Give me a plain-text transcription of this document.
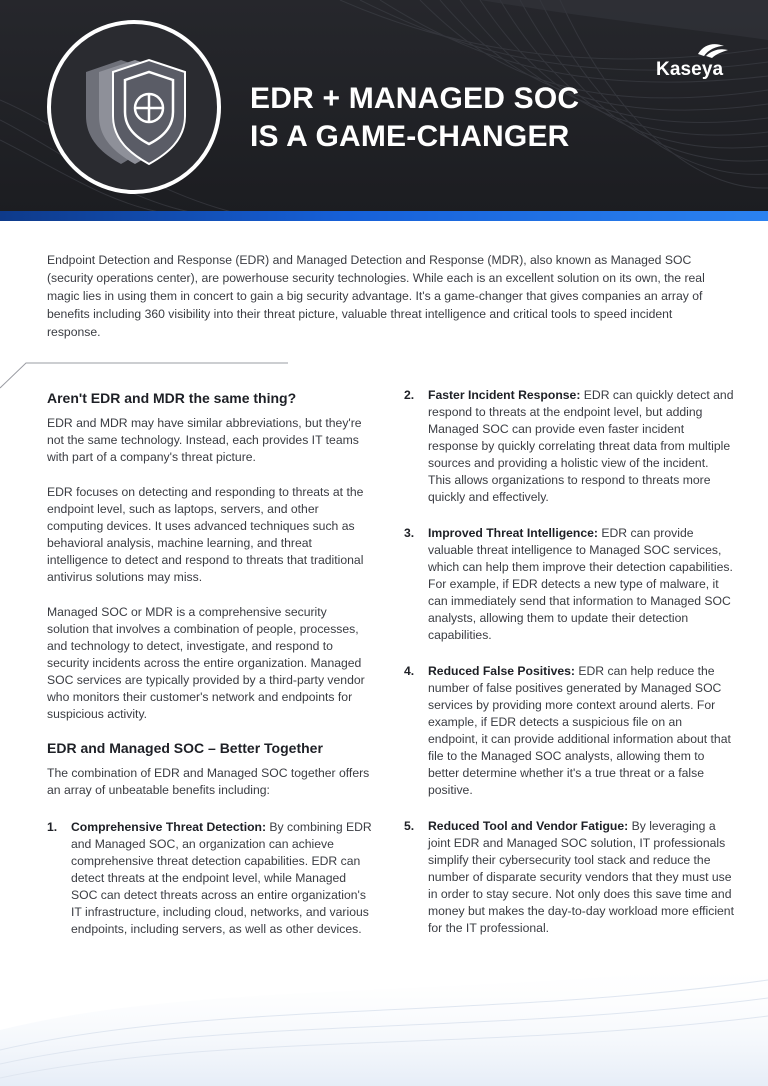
EDR + MANAGED SOC
IS A GAME-CHANGER
Kaseya

Endpoint Detection and Response (EDR) and Managed Detection and Response (MDR), also known as Managed SOC (security operations center), are powerhouse security technologies. While each is an excellent solution on its own, the real magic lies in using them in concert to gain a big security advantage. It's a game-changer that gives companies an array of benefits including 360 visibility into their threat picture, valuable threat intelligence and critical tools to speed incident response.

Aren't EDR and MDR the same thing?

EDR and MDR may have similar abbreviations, but they're not the same technology. Instead, each provides IT teams with part of a company's threat picture.

EDR focuses on detecting and responding to threats at the endpoint level, such as laptops, servers, and other computing devices. It uses advanced techniques such as behavioral analysis, machine learning, and threat intelligence to detect and respond to threats that traditional antivirus solutions may miss.

Managed SOC or MDR is a comprehensive security solution that involves a combination of people, processes, and technology to detect, investigate, and respond to security incidents across the entire organization. Managed SOC services are typically provided by a third-party vendor who monitors their customer's network and endpoints for suspicious activity.

EDR and Managed SOC – Better Together

The combination of EDR and Managed SOC together offers an array of unbeatable benefits including:

1. Comprehensive Threat Detection: By combining EDR and Managed SOC, an organization can achieve comprehensive threat detection capabilities. EDR can detect threats at the endpoint level, while Managed SOC can detect threats across an entire organization's IT infrastructure, including cloud, networks, and various endpoints, including servers, as well as other devices.
2. Faster Incident Response: EDR can quickly detect and respond to threats at the endpoint level, but adding Managed SOC can provide even faster incident response by quickly correlating threat data from multiple sources and providing a holistic view of the incident. This allows organizations to respond to threats more quickly and effectively.
3. Improved Threat Intelligence: EDR can provide valuable threat intelligence to Managed SOC services, which can help them improve their detection capabilities. For example, if EDR detects a new type of malware, it can immediately send that information to Managed SOC analysts, allowing them to update their detection capabilities.
4. Reduced False Positives: EDR can help reduce the number of false positives generated by Managed SOC services by providing more context around alerts. For example, if EDR detects a suspicious file on an endpoint, it can provide additional information about that file to the Managed SOC analysts, allowing them to better determine whether it's a true threat or a false positive.
5. Reduced Tool and Vendor Fatigue: By leveraging a joint EDR and Managed SOC solution, IT professionals simplify their cybersecurity tool stack and reduce the number of disparate security vendors that they must use in order to stay secure. Not only does this save time and money but makes the day-to-day workload more efficient for the IT professional.
